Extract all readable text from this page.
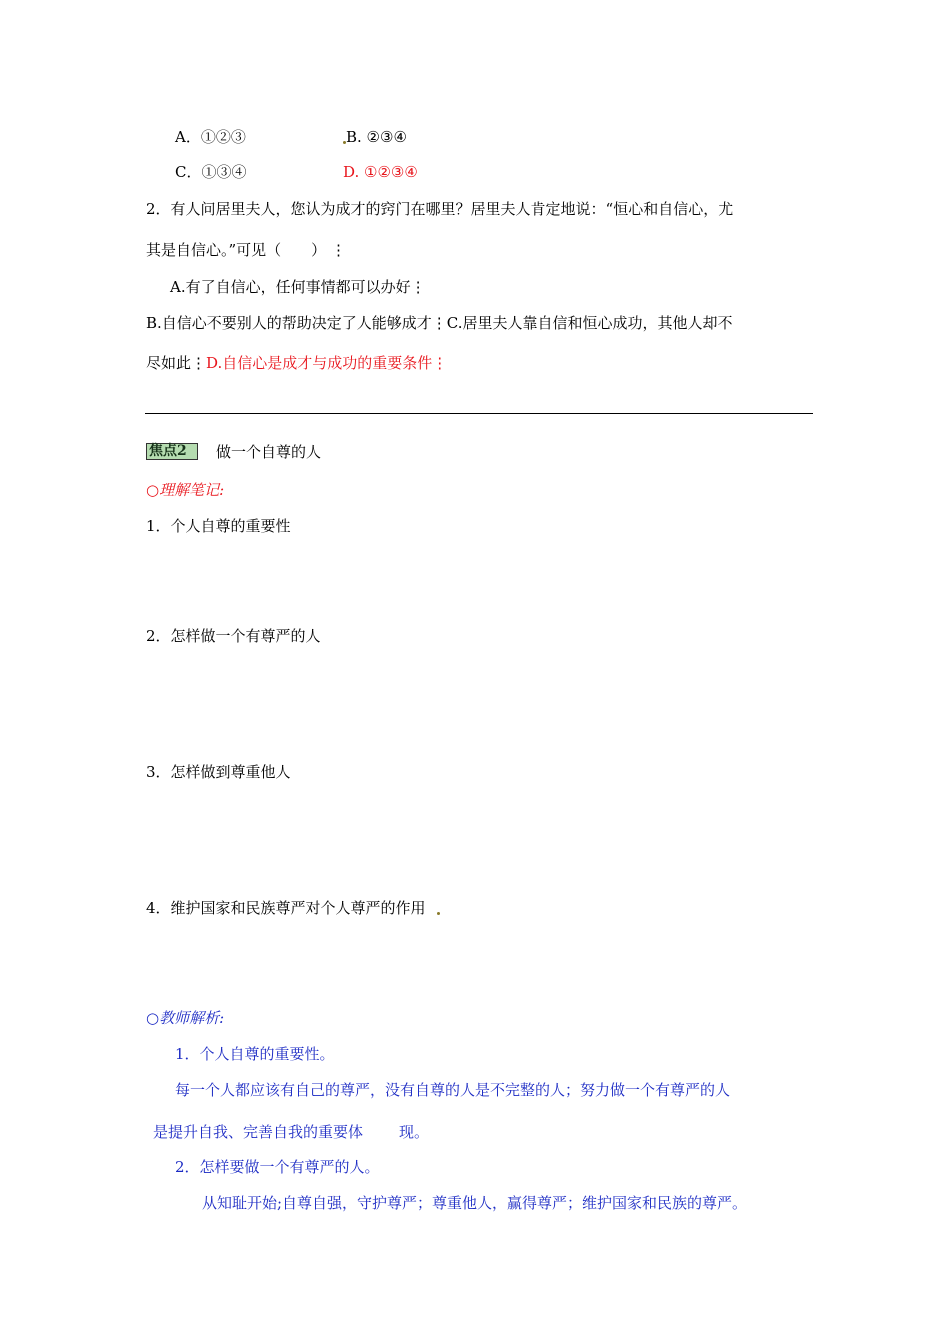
A．①②③	B. ②③④
C．①③④	D. ①②③④
2．有人问居里夫人，您认为成才的窍门在哪里？居里夫人肯定地说：“恒心和自信心，尤
其是自信心。”可见（　　） ⋮
A.有了自信心，任何事情都可以办好⋮
B.自信心不要别人的帮助决定了人能够成才⋮C.居里夫人靠自信和恒心成功，其他人却不
尽如此⋮D.自信心是成才与成功的重要条件⋮
焦点2	做一个自尊的人
○理解笔记:
1．个人自尊的重要性
2．怎样做一个有尊严的人
3．怎样做到尊重他人
4．维护国家和民族尊严对个人尊严的作用
○教师解析:
1．个人自尊的重要性。
每一个人都应该有自己的尊严，没有自尊的人是不完整的人；努力做一个有尊严的人
是提升自我、完善自我的重要体 现。
2．怎样要做一个有尊严的人。
从知耻开始;自尊自强，守护尊严；尊重他人，赢得尊严；维护国家和民族的尊严。
